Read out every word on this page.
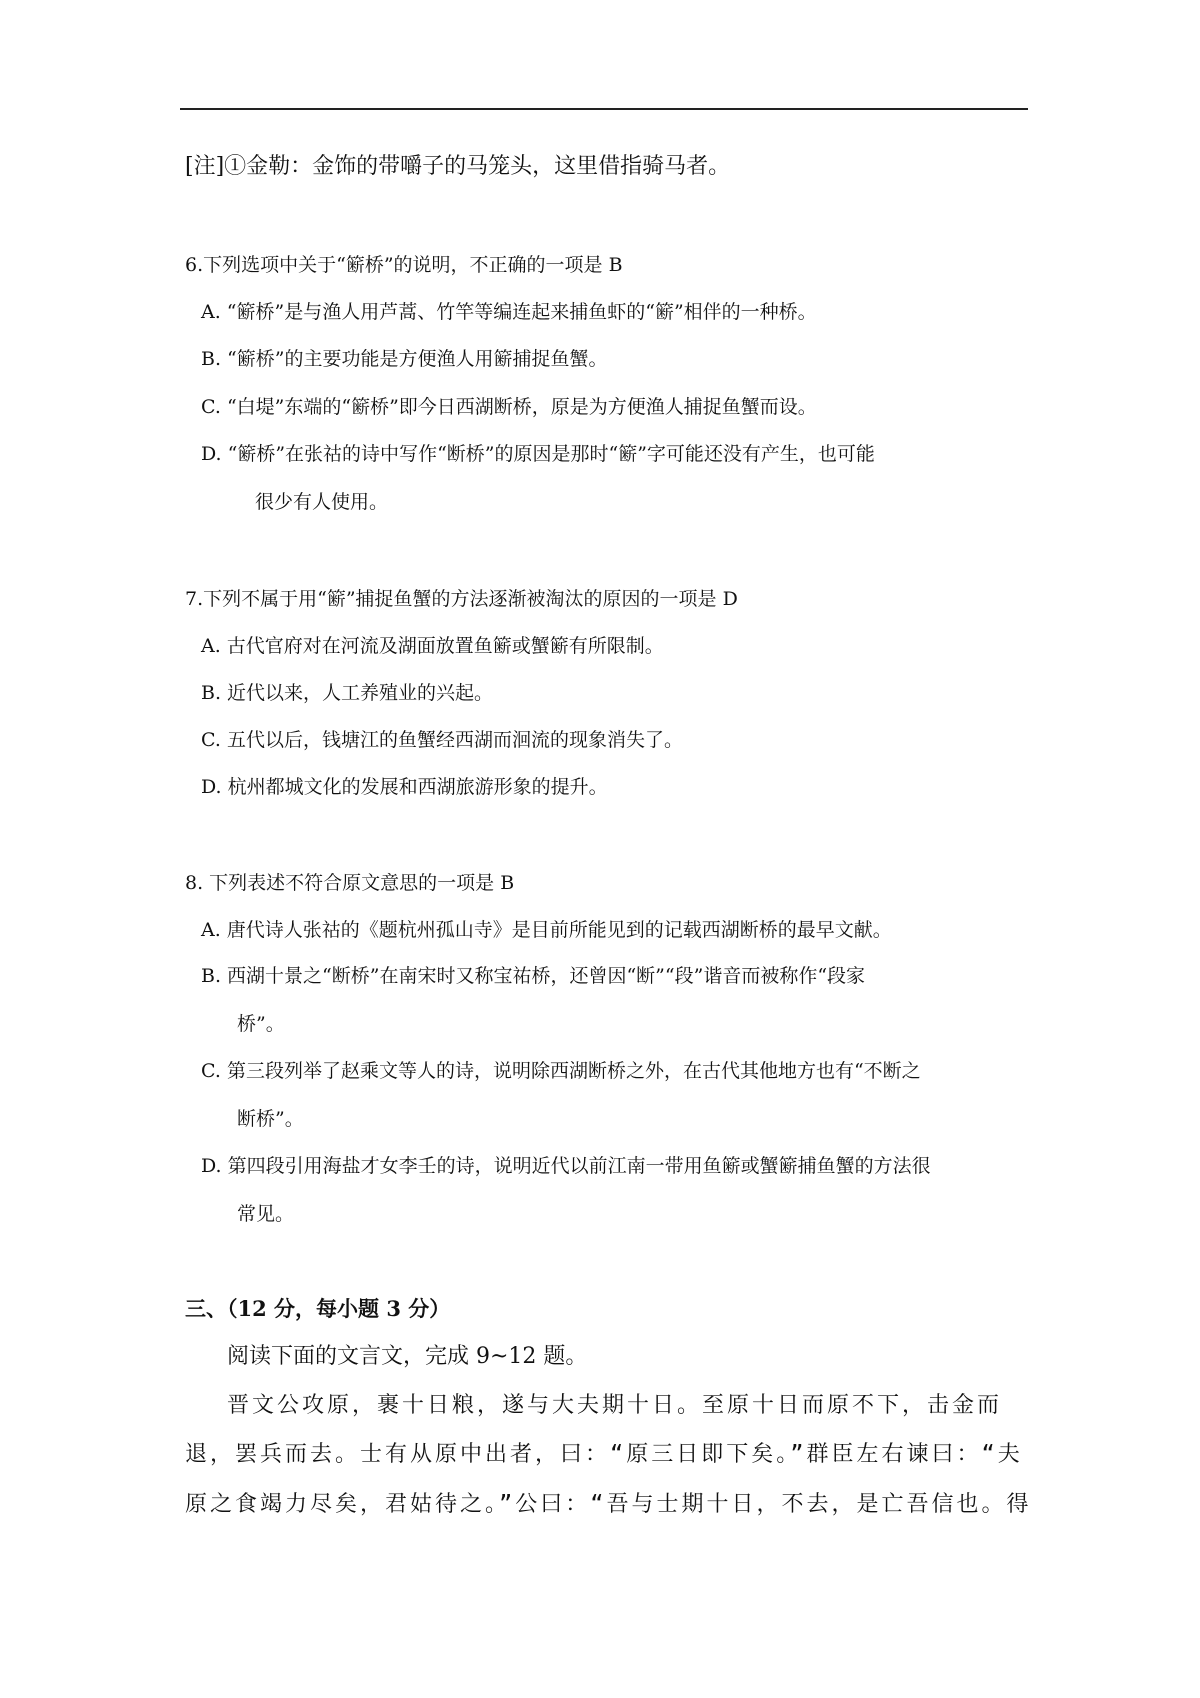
[注]①金勒：金饰的带嚼子的马笼头，这里借指骑马者。
6.下列选项中关于“簖桥”的说明，不正确的一项是 B
A. “簖桥”是与渔人用芦蒿、竹竿等编连起来捕鱼虾的“簖”相伴的一种桥。
B. “簖桥”的主要功能是方便渔人用簖捕捉鱼蟹。
C. “白堤”东端的“簖桥”即今日西湖断桥，原是为方便渔人捕捉鱼蟹而设。
D. “簖桥”在张祜的诗中写作“断桥”的原因是那时“簖”字可能还没有产生，也可能
很少有人使用。
7.下列不属于用“簖”捕捉鱼蟹的方法逐渐被淘汰的原因的一项是 D
A. 古代官府对在河流及湖面放置鱼簖或蟹簖有所限制。
B. 近代以来，人工养殖业的兴起。
C. 五代以后，钱塘江的鱼蟹经西湖而洄流的现象消失了。
D. 杭州都城文化的发展和西湖旅游形象的提升。
8. 下列表述不符合原文意思的一项是 B
A. 唐代诗人张祜的《题杭州孤山寺》是目前所能见到的记载西湖断桥的最早文献。
B. 西湖十景之“断桥”在南宋时又称宝祐桥，还曾因“断”“段”谐音而被称作“段家
桥”。
C. 第三段列举了赵乘文等人的诗，说明除西湖断桥之外，在古代其他地方也有“不断之
断桥”。
D. 第四段引用海盐才女李壬的诗，说明近代以前江南一带用鱼簖或蟹簖捕鱼蟹的方法很
常见。
三、（12 分，每小题 3 分）
阅读下面的文言文，完成 9~12 题。
晋文公攻原，裹十日粮，遂与大夫期十日。至原十日而原不下，击金而
退，罢兵而去。士有从原中出者，曰：“原三日即下矣。”群臣左右谏曰：“夫
原之食竭力尽矣，君姑待之。”公曰：“吾与士期十日，不去，是亡吾信也。得
